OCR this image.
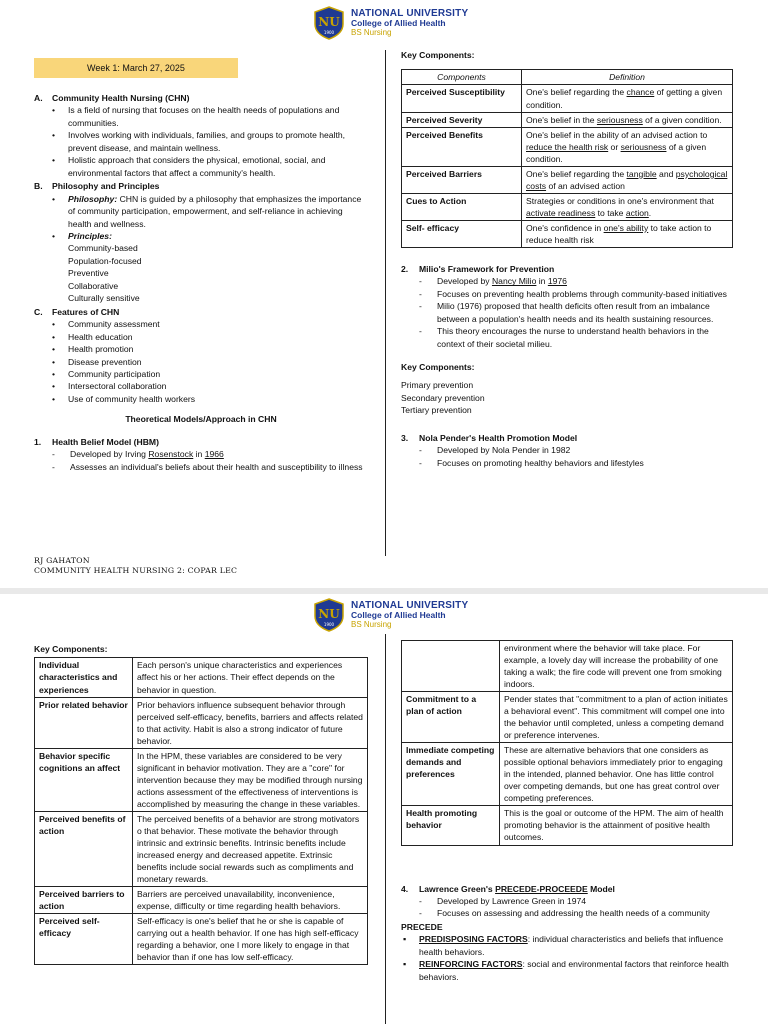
NU
1900
NATIONAL UNIVERSITY
College of Allied Health
BS Nursing
Week 1: March 27, 2025
A. Community Health Nursing (CHN)
• Is a field of nursing that focuses on the health needs of populations and communities.
• Involves working with individuals, families, and groups to promote health, prevent disease, and maintain wellness.
• Holistic approach that considers the physical, emotional, social, and environmental factors that affect a community's health.
B. Philosophy and Principles
• Philosophy: CHN is guided by a philosophy that emphasizes the importance of community participation, empowerment, and self-reliance in achieving health and wellness.
• Principles:
Community-based
Population-focused
Preventive
Collaborative
Culturally sensitive
C. Features of CHN
• Community assessment
• Health education
• Health promotion
• Disease prevention
• Community participation
• Intersectoral collaboration
• Use of community health workers
Theoretical Models/Approach in CHN
1. Health Belief Model (HBM)
- Developed by Irving Rosenstock in 1966
- Assesses an individual's beliefs about their health and susceptibility to illness
Key Components:
Components	Definition
Perceived Susceptibility	One's belief regarding the chance of getting a given condition.
Perceived Severity	One's belief in the seriousness of a given condition.
Perceived Benefits	One's belief in the ability of an advised action to reduce the health risk or seriousness of a given condition.
Perceived Barriers	One's belief regarding the tangible and psychological costs of an advised action
Cues to Action	Strategies or conditions in one's environment that activate readiness to take action.
Self- efficacy	One's confidence in one's ability to take action to reduce health risk
2. Milio's Framework for Prevention
- Developed by Nancy Milio in 1976
- Focuses on preventing health problems through community-based initiatives
- Milio (1976) proposed that health deficits often result from an imbalance between a population's health needs and its health sustaining resources.
- This theory encourages the nurse to understand health behaviors in the context of their societal milieu.
Key Components:
Primary prevention
Secondary prevention
Tertiary prevention
3. Nola Pender's Health Promotion Model
- Developed by Nola Pender in 1982
- Focuses on promoting healthy behaviors and lifestyles
RJ GAHATON
COMMUNITY HEALTH NURSING 2: COPAR LEC
NU
1900
NATIONAL UNIVERSITY
College of Allied Health
BS Nursing
Key Components:
Individual characteristics and experiences	Each person's unique characteristics and experiences affect his or her actions. Their effect depends on the behavior in question.
Prior related behavior	Prior behaviors influence subsequent behavior through perceived self-efficacy, benefits, barriers and affects related to that activity. Habit is also a strong indicator of future behavior.
Behavior specific cognitions an affect	In the HPM, these variables are considered to be very significant in behavior motivation. They are a "core" for intervention because they may be modified through nursing actions assessment of the effectiveness of interventions is accomplished by measuring the change in these variables.
Perceived benefits of action	The perceived benefits of a behavior are strong motivators o that behavior. These motivate the behavior through intrinsic and extrinsic benefits. Intrinsic benefits include increased energy and decreased appetite. Extrinsic benefits include social rewards such as compliments and monetary rewards.
Perceived barriers to action	Barriers are perceived unavailability, inconvenience, expense, difficulty or time regarding health behaviors.
Perceived self-efficacy	Self-efficacy is one's belief that he or she is capable of carrying out a health behavior. If one has high self-efficacy regarding a behavior, one I more likely to engage in that behavior than if one has low self-efficacy.
	environment where the behavior will take place. For example, a lovely day will increase the probability of one taking a walk; the fire code will prevent one from smoking indoors.
Commitment to a plan of action	Pender states that "commitment to a plan of action initiates a behavioral event". This commitment will compel one into the behavior until completed, unless a competing demand or preference intervenes.
Immediate competing demands and preferences	These are alternative behaviors that one considers as possible optional behaviors immediately prior to engaging in the intended, planned behavior. One has little control over competing demands, but one has great control over competing preferences.
Health promoting behavior	This is the goal or outcome of the HPM. The aim of health promoting behavior is the attainment of positive health outcomes.
4. Lawrence Green's PRECEDE-PROCEEDE Model
- Developed by Lawrence Green in 1974
- Focuses on assessing and addressing the health needs of a community
PRECEDE
▪ PREDISPOSING FACTORS: individual characteristics and beliefs that influence health behaviors.
▪ REINFORCING FACTORS: social and environmental factors that reinforce health behaviors.
